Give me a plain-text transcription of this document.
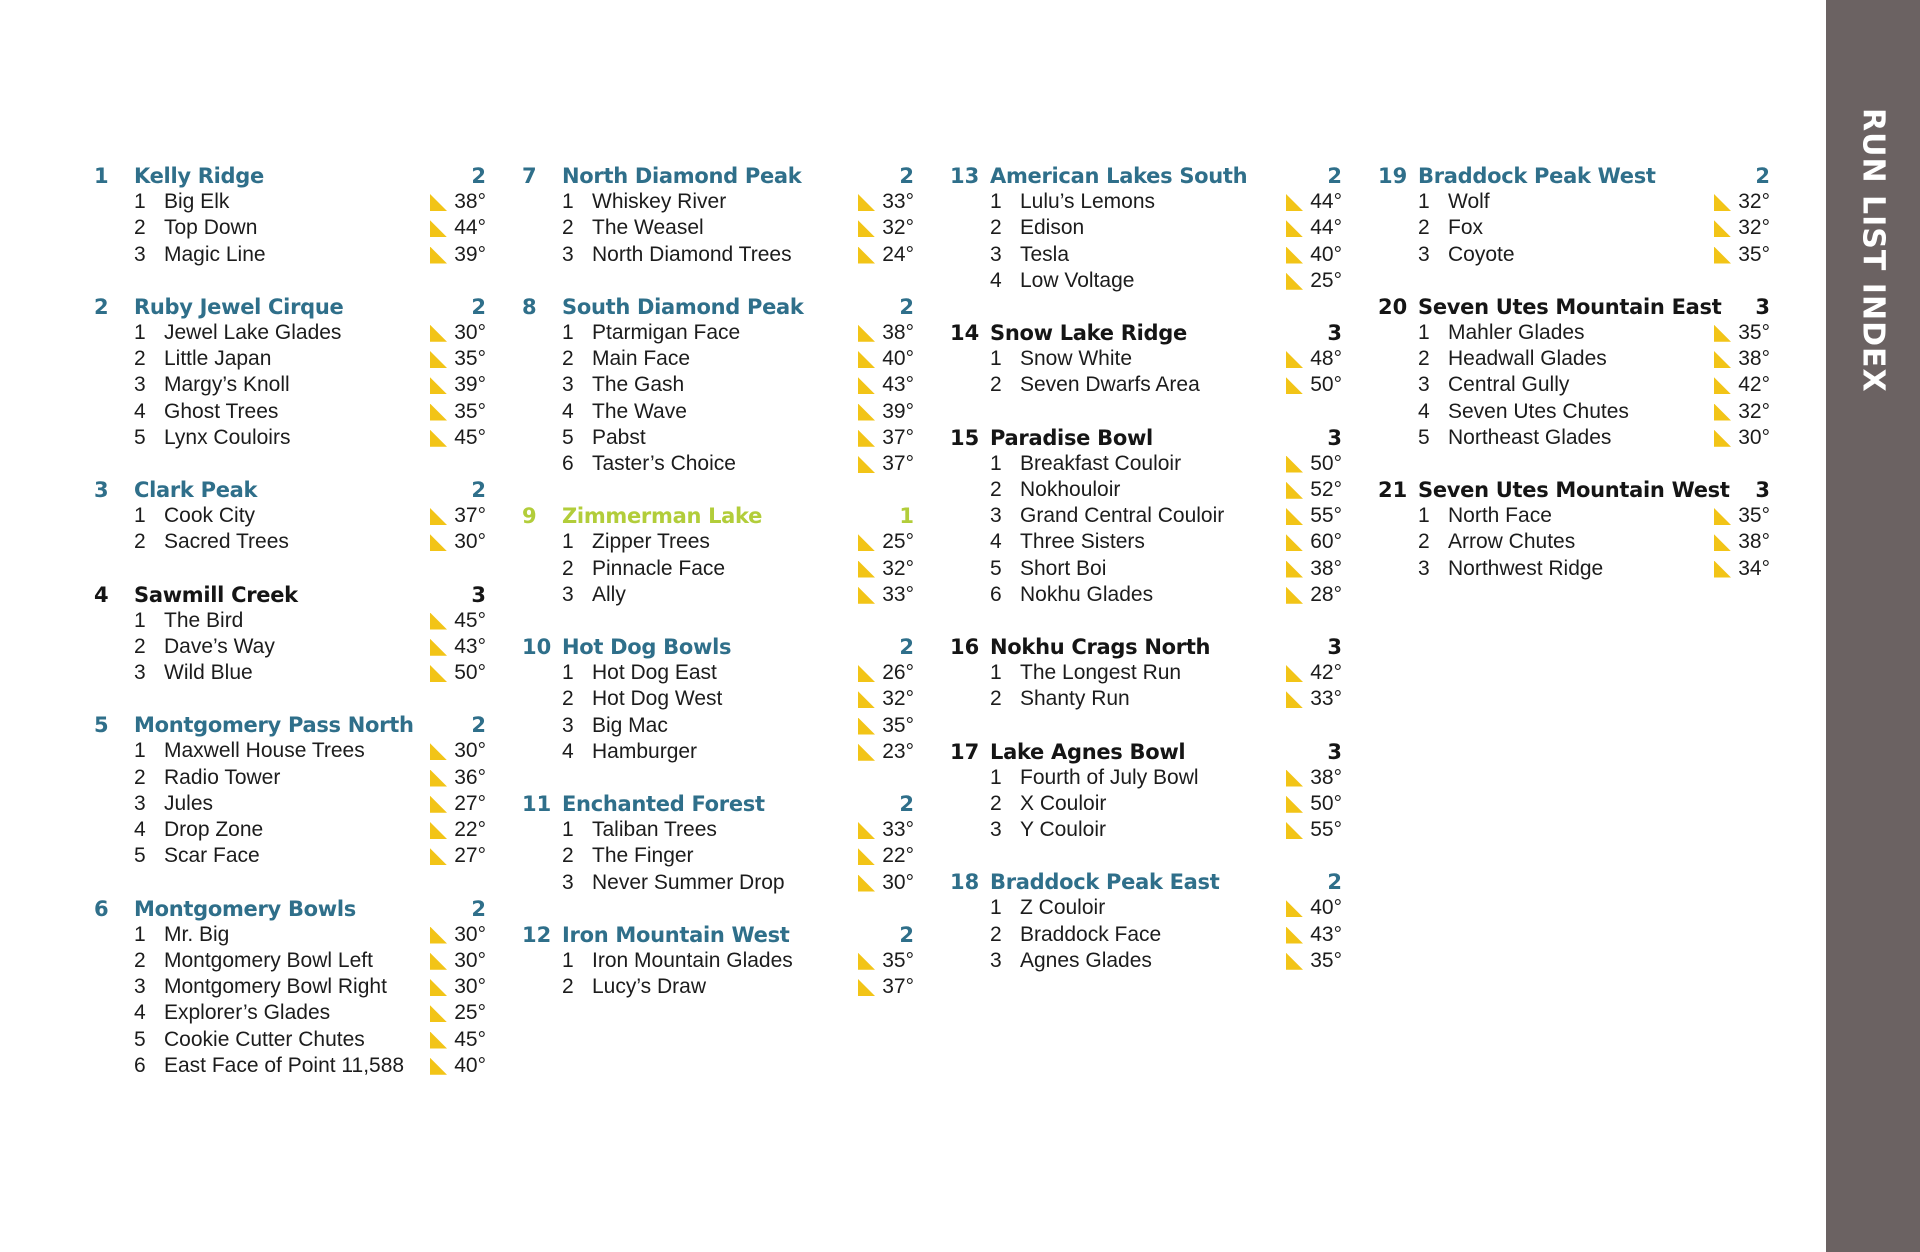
1 Kelly Ridge	2
1 Big Elk	38°
2 Top Down	44°
3 Magic Line	39°
2 Ruby Jewel Cirque	2
1 Jewel Lake Glades	30°
2 Little Japan	35°
3 Margy’s Knoll	39°
4 Ghost Trees	35°
5 Lynx Couloirs	45°
3 Clark Peak	2
1 Cook City	37°
2 Sacred Trees	30°
4 Sawmill Creek	3
1 The Bird	45°
2 Dave’s Way	43°
3 Wild Blue	50°
5 Montgomery Pass North	2
1 Maxwell House Trees	30°
2 Radio Tower	36°
3 Jules	27°
4 Drop Zone	22°
5 Scar Face	27°
6 Montgomery Bowls	2
1 Mr. Big	30°
2 Montgomery Bowl Left	30°
3 Montgomery Bowl Right	30°
4 Explorer’s Glades	25°
5 Cookie Cutter Chutes	45°
6 East Face of Point 11,588 40°
7 North Diamond Peak	2
1 Whiskey River	33°
2 The Weasel	32°
3 North Diamond Trees	24°
8 South Diamond Peak	2
1 Ptarmigan Face	38°
2 Main Face	40°
3 The Gash	43°
4 The Wave	39°
5 Pabst	37°
6 Taster’s Choice	37°
9 Zimmerman Lake	1
1 Zipper Trees	25°
2 Pinnacle Face	32°
3 Ally	33°
10 Hot Dog Bowls	2
1 Hot Dog East	26°
2 Hot Dog West	32°
3 Big Mac	35°
4 Hamburger	23°
11 Enchanted Forest	2
1 Taliban Trees	33°
2 The Finger	22°
3 Never Summer Drop	30°
12 Iron Mountain West	2
1 Iron Mountain Glades	35°
2 Lucy’s Draw	37°
13 American Lakes South	2
1 Lulu’s Lemons	44°
2 Edison	44°
3 Tesla	40°
4 Low Voltage	25°
14 Snow Lake Ridge	3
1 Snow White	48°
2 Seven Dwarfs Area	50°
15 Paradise Bowl	3
1 Breakfast Couloir	50°
2 Nokhouloir	52°
3 Grand Central Couloir	55°
4 Three Sisters	60°
5 Short Boi	38°
6 Nokhu Glades	28°
16 Nokhu Crags North	3
1 The Longest Run	42°
2 Shanty Run	33°
17 Lake Agnes Bowl	3
1 Fourth of July Bowl	38°
2 X Couloir	50°
3 Y Couloir	55°
18 Braddock Peak East	2
1 Z Couloir	40°
2 Braddock Face	43°
3 Agnes Glades	35°
19 Braddock Peak West	2
1 Wolf	32°
2 Fox	32°
3 Coyote	35°
20 Seven Utes Mountain East 3
1 Mahler Glades	35°
2 Headwall Glades	38°
3 Central Gully	42°
4 Seven Utes Chutes	32°
5 Northeast Glades	30°
21 Seven Utes Mountain West 3
1 North Face	35°
2 Arrow Chutes	38°
3 Northwest Ridge	34°
RUN LIST INDEX
